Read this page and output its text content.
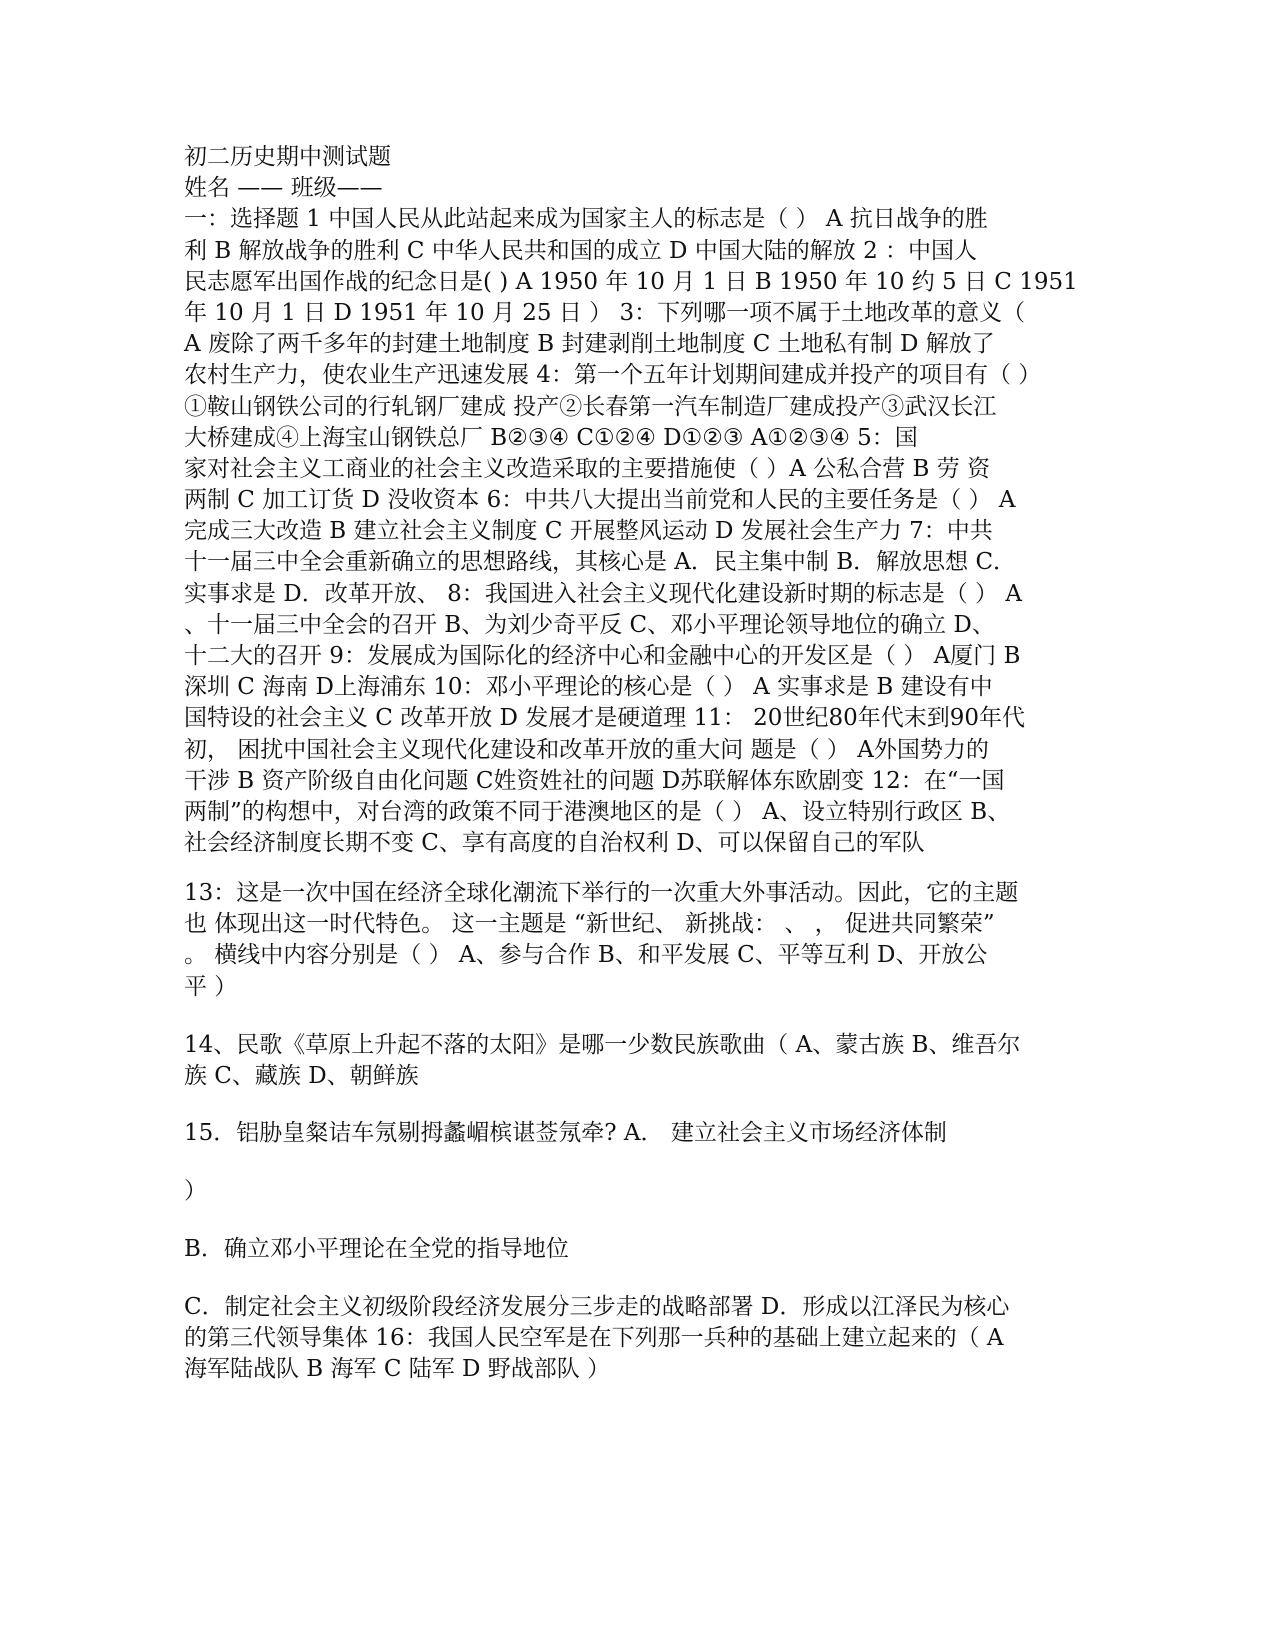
初二历史期中测试题
姓名 —— 班级——
一：选择题 1 中国人民从此站起来成为国家主人的标志是（ ） A 抗日战争的胜
利 B 解放战争的胜利 C 中华人民共和国的成立 D 中国大陆的解放 2 ：中国人
民志愿军出国作战的纪念日是( ) A 1950 年 10 月 1 日 B 1950 年 10 约 5 日 C 1951
年 10 月 1 日 D 1951 年 10 月 25 日 ） 3：下列哪一项不属于土地改革的意义（
A 废除了两千多年的封建土地制度 B 封建剥削土地制度 C 土地私有制 D 解放了
农村生产力，使农业生产迅速发展 4：第一个五年计划期间建成并投产的项目有（ ）
①鞍山钢铁公司的行轧钢厂建成 投产②长春第一汽车制造厂建成投产③武汉长江
大桥建成④上海宝山钢铁总厂 B②③④ C①②④ D①②③ A①②③④ 5：国
家对社会主义工商业的社会主义改造采取的主要措施使（ ）A 公私合营 B 劳 资
两制 C 加工订货 D 没收资本 6：中共八大提出当前党和人民的主要任务是（ ） A
完成三大改造 B 建立社会主义制度 C 开展整风运动 D 发展社会生产力 7：中共
十一届三中全会重新确立的思想路线，其核心是 A．民主集中制 B．解放思想 C．
实事求是 D．改革开放、 8：我国进入社会主义现代化建设新时期的标志是（ ） A
、十一届三中全会的召开 B、为刘少奇平反 C、邓小平理论领导地位的确立 D、
十二大的召开 9：发展成为国际化的经济中心和金融中心的开发区是（ ） A厦门 B
深圳 C 海南 D上海浦东 10：邓小平理论的核心是（ ） A 实事求是 B 建设有中
国特设的社会主义 C 改革开放 D 发展才是硬道理 11： 20世纪80年代末到90年代
初， 困扰中国社会主义现代化建设和改革开放的重大问 题是（ ） A外国势力的
干涉 B 资产阶级自由化问题 C姓资姓社的问题 D苏联解体东欧剧变 12：在“一国
两制”的构想中，对台湾的政策不同于港澳地区的是（ ） A、设立特别行政区 B、
社会经济制度长期不变 C、享有高度的自治权利 D、可以保留自己的军队
13：这是一次中国在经济全球化潮流下举行的一次重大外事活动。因此，它的主题
也 体现出这一时代特色。 这一主题是 “新世纪、 新挑战： 、 ， 促进共同繁荣”
。 横线中内容分别是（ ） A、参与合作 B、和平发展 C、平等互利 D、开放公
平 ）
14、民歌《草原上升起不落的太阳》是哪一少数民族歌曲（ A、蒙古族 B、维吾尔
族 C、藏族 D、朝鲜族
15．铝胁皇粲诘车氖剔拇蠡嵋槟谌莶氖牵? A． 建立社会主义市场经济体制
）
B．确立邓小平理论在全党的指导地位
C．制定社会主义初级阶段经济发展分三步走的战略部署 D．形成以江泽民为核心
的第三代领导集体 16：我国人民空军是在下列那一兵种的基础上建立起来的（ A
海军陆战队 B 海军 C 陆军 D 野战部队 ）
